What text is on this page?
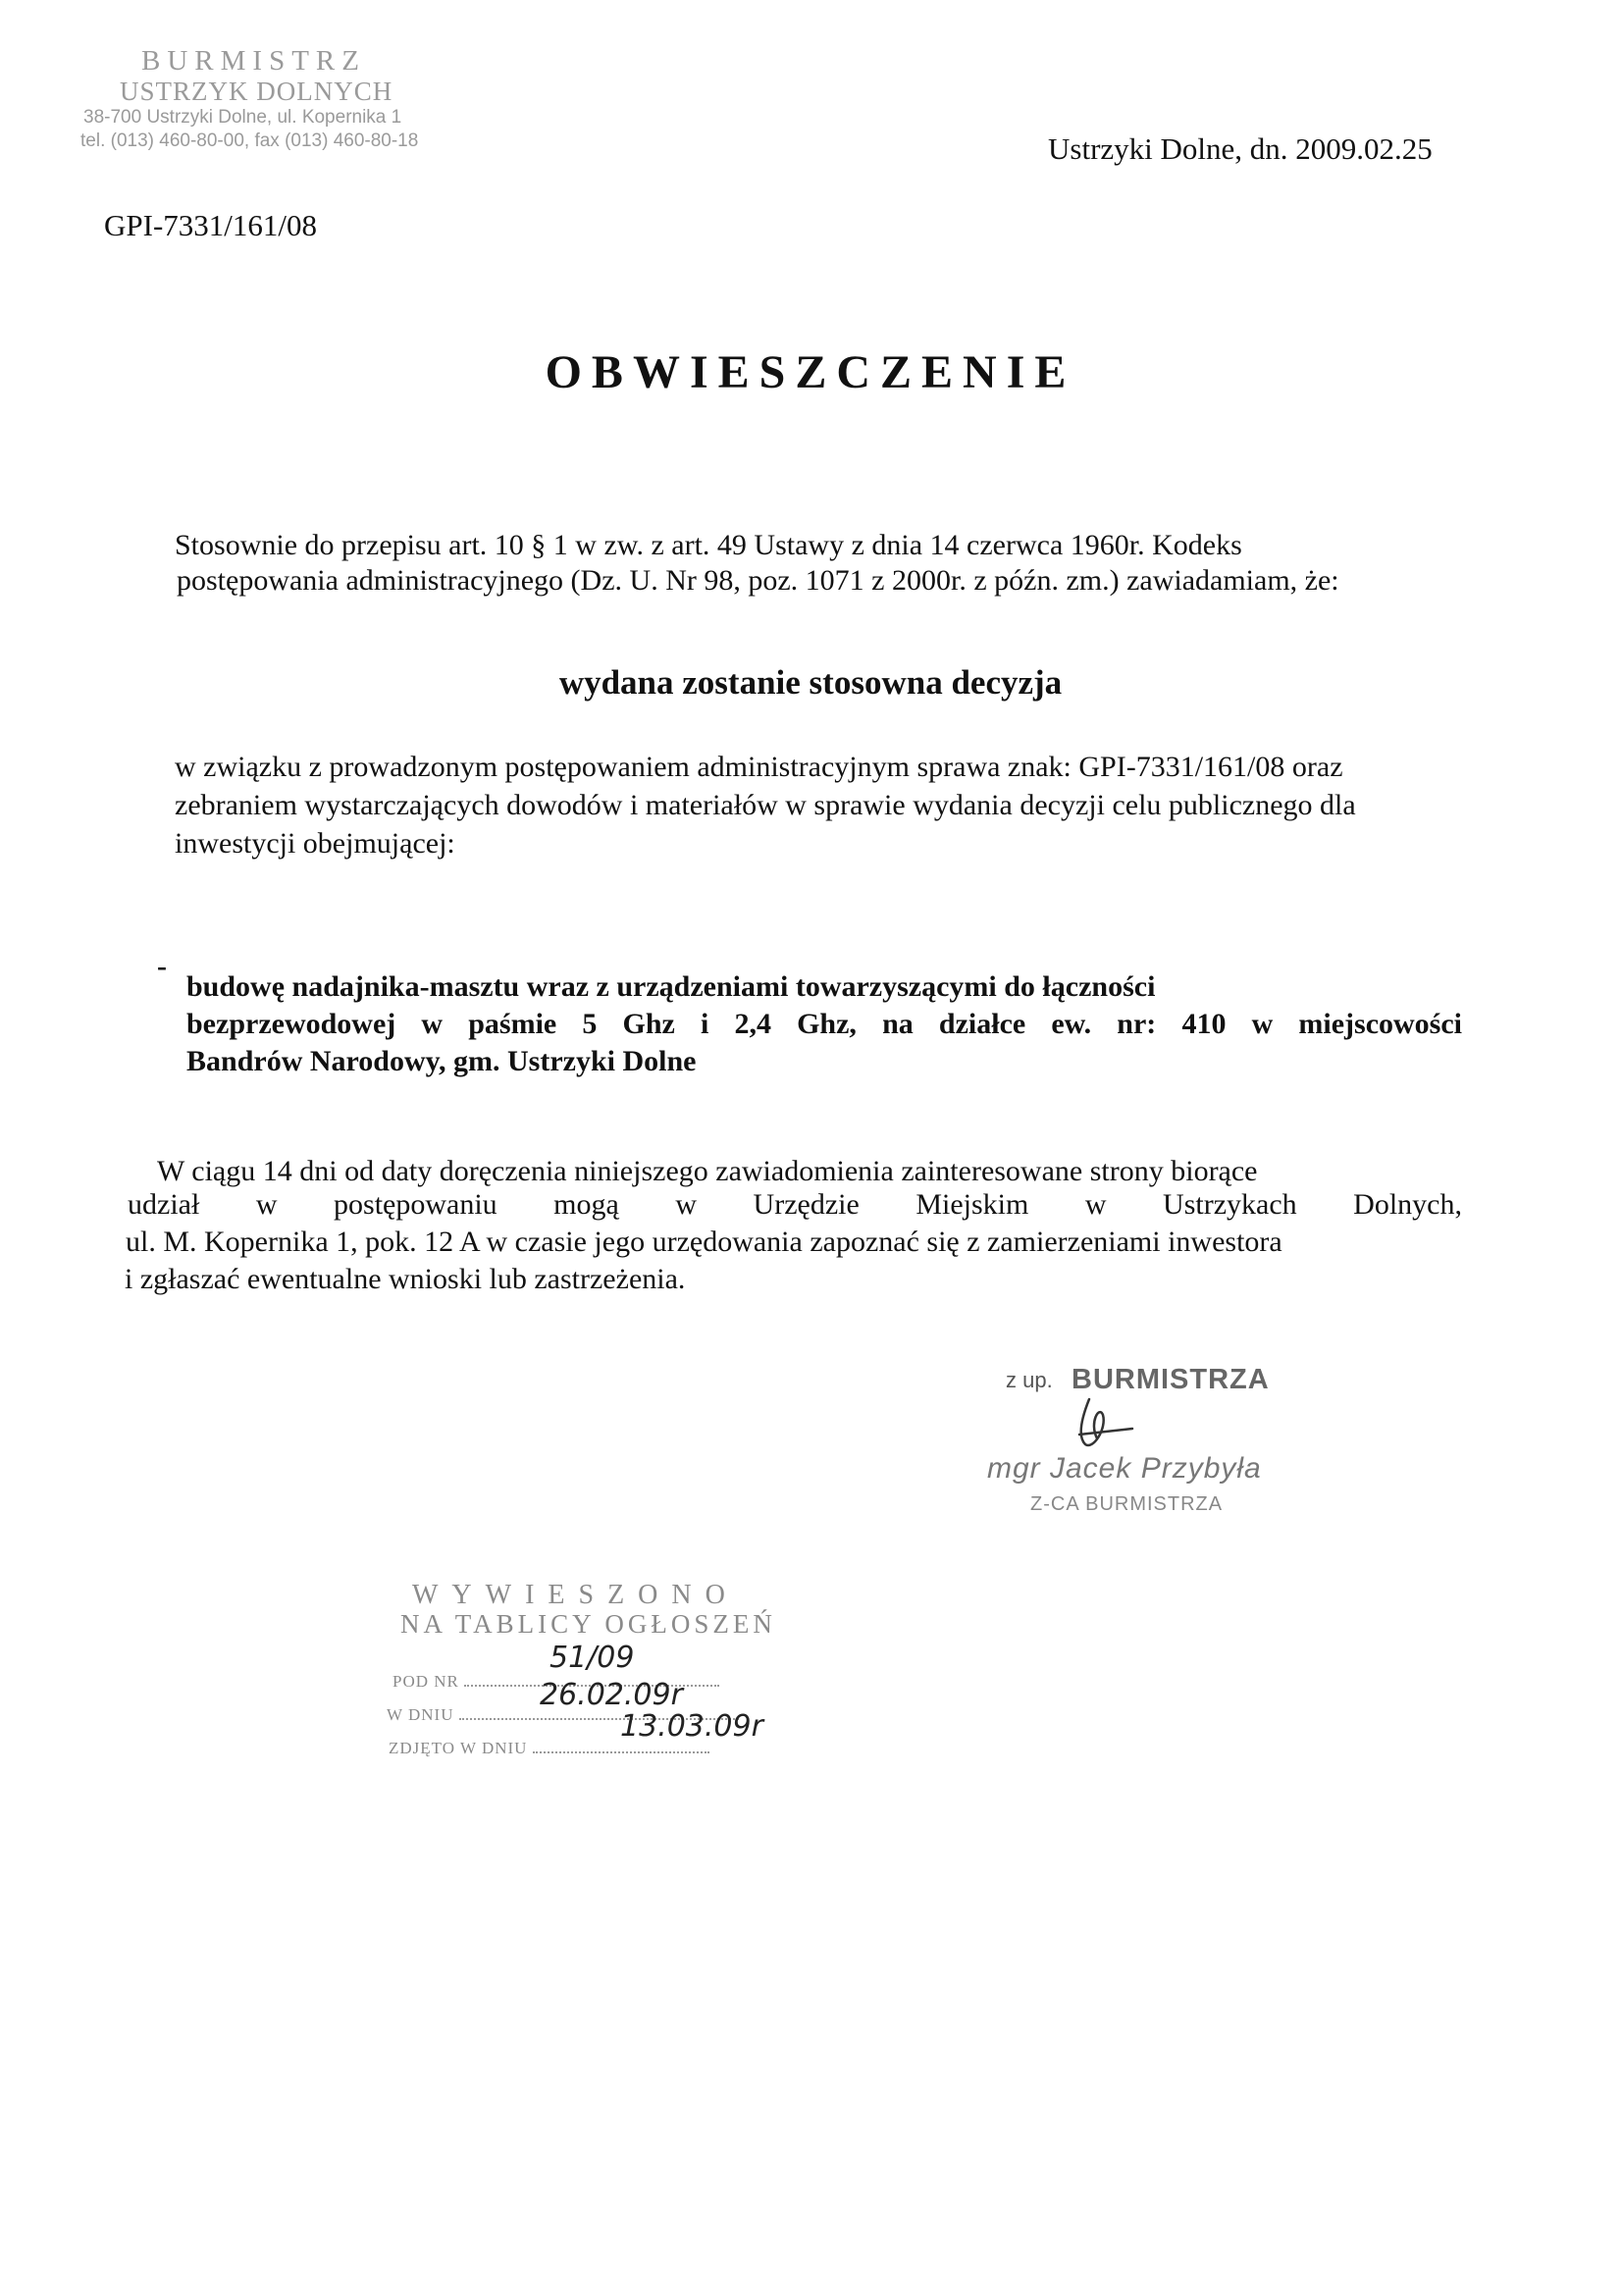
BURMISTRZ
USTRZYK DOLNYCH
38-700 Ustrzyki Dolne, ul. Kopernika 1
tel. (013) 460-80-00, fax (013) 460-80-18	Ustrzyki Dolne, dn. 2009.02.25
GPI-7331/161/08
OBWIESZCZENIE
Stosownie do przepisu art. 10 § 1 w zw. z art. 49 Ustawy z dnia 14 czerwca 1960r. Kodeks
postępowania administracyjnego (Dz. U. Nr 98, poz. 1071 z 2000r. z późn. zm.) zawiadamiam, że:
wydana zostanie stosowna decyzja
w związku z prowadzonym postępowaniem administracyjnym sprawa znak: GPI-7331/161/08 oraz
zebraniem wystarczających dowodów i materiałów w sprawie wydania decyzji celu publicznego dla
inwestycji obejmującej:
-
budowę nadajnika-masztu wraz z urządzeniami towarzyszącymi do łączności
bezprzewodowej w paśmie 5 Ghz i 2,4 Ghz, na działce ew. nr: 410 w miejscowości
Bandrów Narodowy, gm. Ustrzyki Dolne
W ciągu 14 dni od daty doręczenia niniejszego zawiadomienia zainteresowane strony biorące
udział w postępowaniu mogą w Urzędzie Miejskim w Ustrzykach Dolnych,
ul. M. Kopernika 1, pok. 12 A w czasie jego urzędowania zapoznać się z zamierzeniami inwestora
i zgłaszać ewentualne wnioski lub zastrzeżenia.
z up. BURMISTRZA
mgr Jacek Przybyła
Z-CA BURMISTRZA
WYWIESZONO
NA TABLICY OGŁOSZEŃ
POD NR
51/09
W DNIU
26.02.09r
ZDJĘTO W DNIU
13.03.09r
